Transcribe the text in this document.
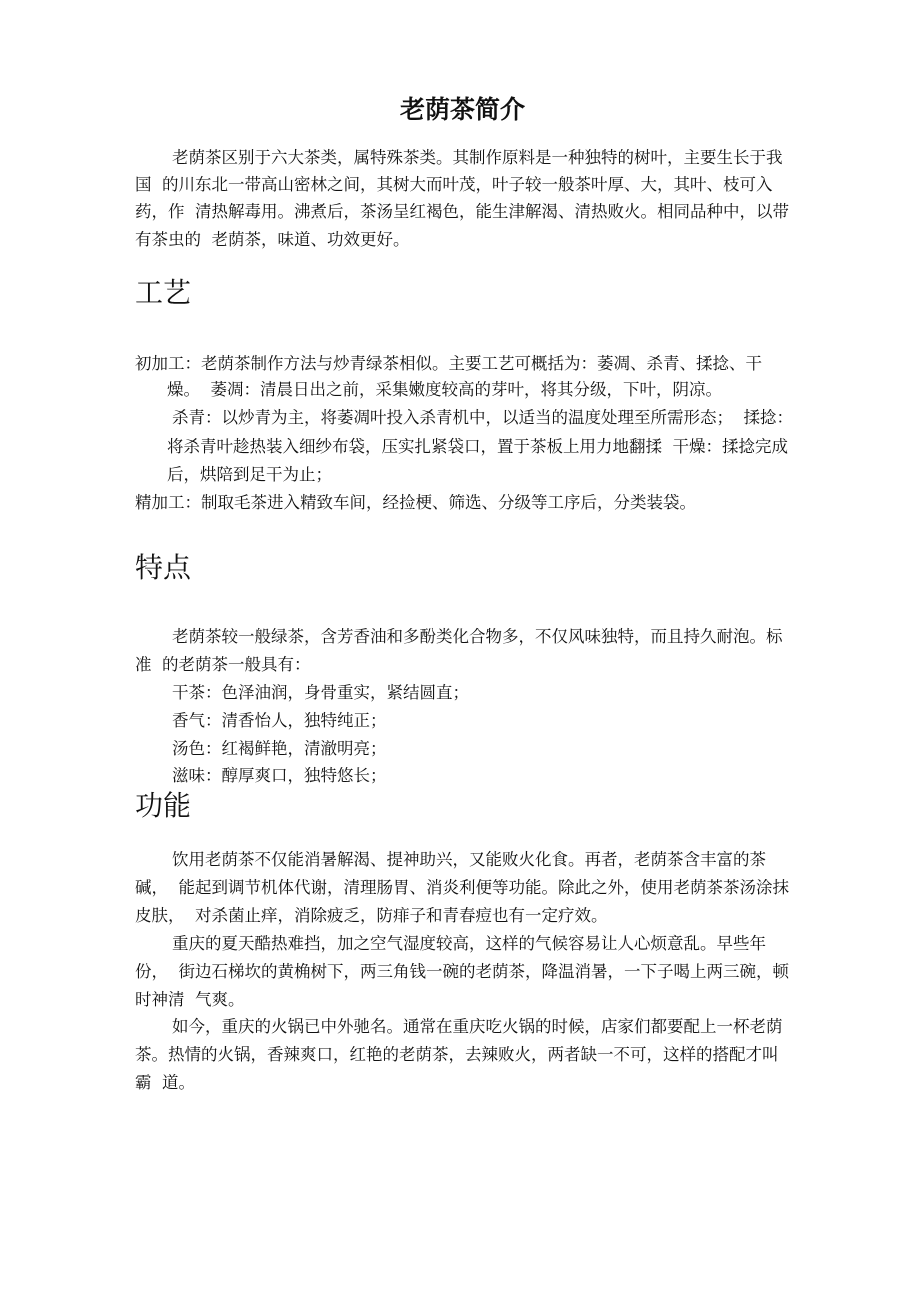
老荫茶简介
老荫茶区别于六大茶类，属特殊茶类。其制作原料是一种独特的树叶，主要生长于我
国  的川东北一带高山密林之间，其树大而叶茂，叶子较一般茶叶厚、大，其叶、枝可入
药，作  清热解毒用。沸煮后，茶汤呈红褐色，能生津解渴、清热败火。相同品种中，以带
有茶虫的  老荫茶，味道、功效更好。
工艺
初加工：老荫茶制作方法与炒青绿茶相似。主要工艺可概括为：萎凋、杀青、揉捻、干
燥。  萎凋：清晨日出之前，采集嫩度较高的芽叶，将其分级，下叶，阴凉。
杀青：以炒青为主，将萎凋叶投入杀青机中，以适当的温度处理至所需形态；  揉捻：
将杀青叶趁热装入细纱布袋，压实扎紧袋口，置于茶板上用力地翻揉  干燥：揉捻完成
后，烘陪到足干为止；
精加工：制取毛茶进入精致车间，经捡梗、筛选、分级等工序后，分类装袋。
特点
老荫茶较一般绿茶，含芳香油和多酚类化合物多，不仅风味独特，而且持久耐泡。标
准  的老荫茶一般具有：
干茶：色泽油润，身骨重实，紧结圆直；
香气：清香怡人，独特纯正；
汤色：红褐鲜艳，清澈明亮；
滋味：醇厚爽口，独特悠长；
功能
饮用老荫茶不仅能消暑解渴、提神助兴，又能败火化食。再者，老荫茶含丰富的茶
碱，  能起到调节机体代谢，清理肠胃、消炎利便等功能。除此之外，使用老荫茶茶汤涂抹
皮肤，  对杀菌止痒，消除疲乏，防痱子和青春痘也有一定疗效。
重庆的夏天酷热难挡，加之空气湿度较高，这样的气候容易让人心烦意乱。早些年
份，  街边石梯坎的黄桷树下，两三角钱一碗的老荫茶，降温消暑，一下子喝上两三碗，顿
时神清  气爽。
如今，重庆的火锅已中外驰名。通常在重庆吃火锅的时候，店家们都要配上一杯老荫
茶。热情的火锅，香辣爽口，红艳的老荫茶，去辣败火，两者缺一不可，这样的搭配才叫
霸  道。
